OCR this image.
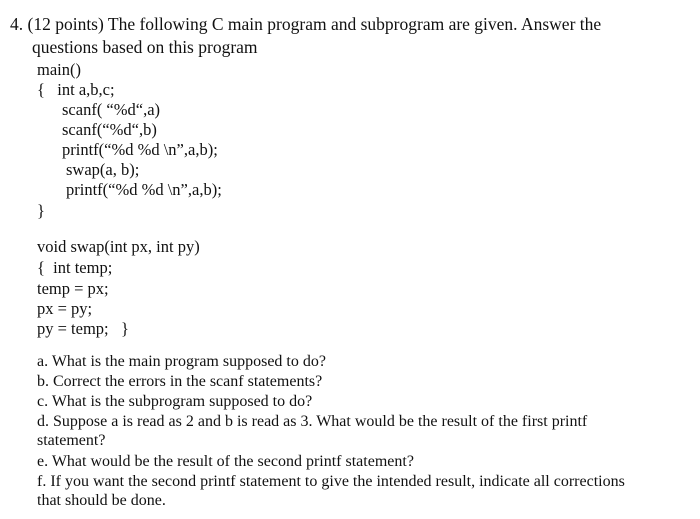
4. (12 points) The following C main program and subprogram are given. Answer the
questions based on this program
main()
{   int a,b,c;
scanf( “%d“,a)
scanf(“%d“,b)
printf(“%d %d \n”,a,b);
swap(a, b);
printf(“%d %d \n”,a,b);
}
void swap(int px, int py)
{  int temp;
temp = px;
px = py;
py = temp;   }
a. What is the main program supposed to do?
b. Correct the errors in the scanf statements?
c. What is the subprogram supposed to do?
d. Suppose a is read as 2 and b is read as 3. What would be the result of the first printf
statement?
e. What would be the result of the second printf statement?
f. If you want the second printf statement to give the intended result, indicate all corrections
that should be done.
